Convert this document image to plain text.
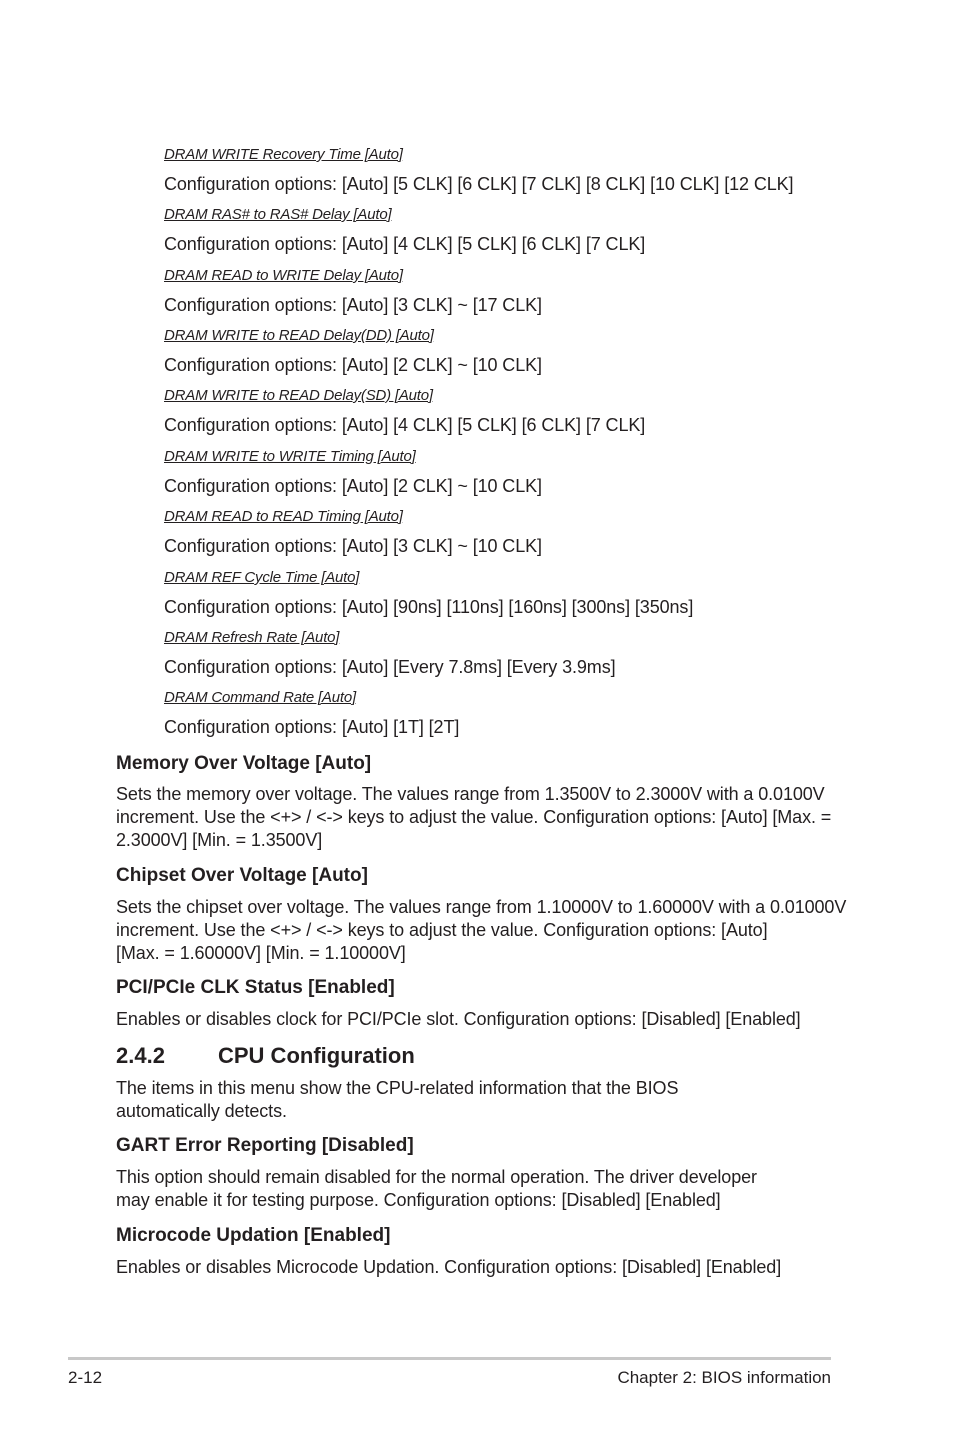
DRAM WRITE Recovery Time [Auto]
Configuration options: [Auto] [5 CLK] [6 CLK] [7 CLK] [8 CLK] [10 CLK] [12 CLK]
DRAM RAS# to RAS# Delay [Auto]
Configuration options: [Auto] [4 CLK] [5 CLK] [6 CLK] [7 CLK]
DRAM READ to WRITE Delay [Auto]
Configuration options: [Auto] [3 CLK] ~ [17 CLK]
DRAM WRITE to READ Delay(DD) [Auto]
Configuration options: [Auto] [2 CLK] ~ [10 CLK]
DRAM WRITE to READ Delay(SD) [Auto]
Configuration options: [Auto] [4 CLK] [5 CLK] [6 CLK] [7 CLK]
DRAM WRITE to WRITE Timing [Auto]
Configuration options: [Auto] [2 CLK] ~ [10 CLK]
DRAM READ to READ Timing [Auto]
Configuration options: [Auto] [3 CLK] ~ [10 CLK]
DRAM REF Cycle Time [Auto]
Configuration options: [Auto] [90ns] [110ns] [160ns] [300ns] [350ns]
DRAM Refresh Rate [Auto]
Configuration options: [Auto] [Every 7.8ms] [Every 3.9ms]
DRAM Command Rate [Auto]
Configuration options: [Auto] [1T] [2T]
Memory Over Voltage [Auto]
Sets the memory over voltage. The values range from 1.3500V to 2.3000V with a 0.0100V increment. Use the <+> / <-> keys to adjust the value. Configuration options: [Auto] [Max. = 2.3000V] [Min. = 1.3500V]
Chipset Over Voltage [Auto]
Sets the chipset over voltage. The values range from 1.10000V to 1.60000V with a 0.01000V
increment. Use the <+> / <-> keys to adjust the value. Configuration options: [Auto]
[Max. = 1.60000V] [Min. = 1.10000V]
PCI/PCIe CLK Status [Enabled]
Enables or disables clock for PCI/PCIe slot. Configuration options: [Disabled] [Enabled]
2.4.2 CPU Configuration
The items in this menu show the CPU-related information that the BIOS automatically detects.
GART Error Reporting [Disabled]
This option should remain disabled for the normal operation. The driver developer may enable it for testing purpose. Configuration options: [Disabled] [Enabled]
Microcode Updation [Enabled]
Enables or disables Microcode Updation. Configuration options: [Disabled] [Enabled]
2-12	Chapter 2: BIOS information
